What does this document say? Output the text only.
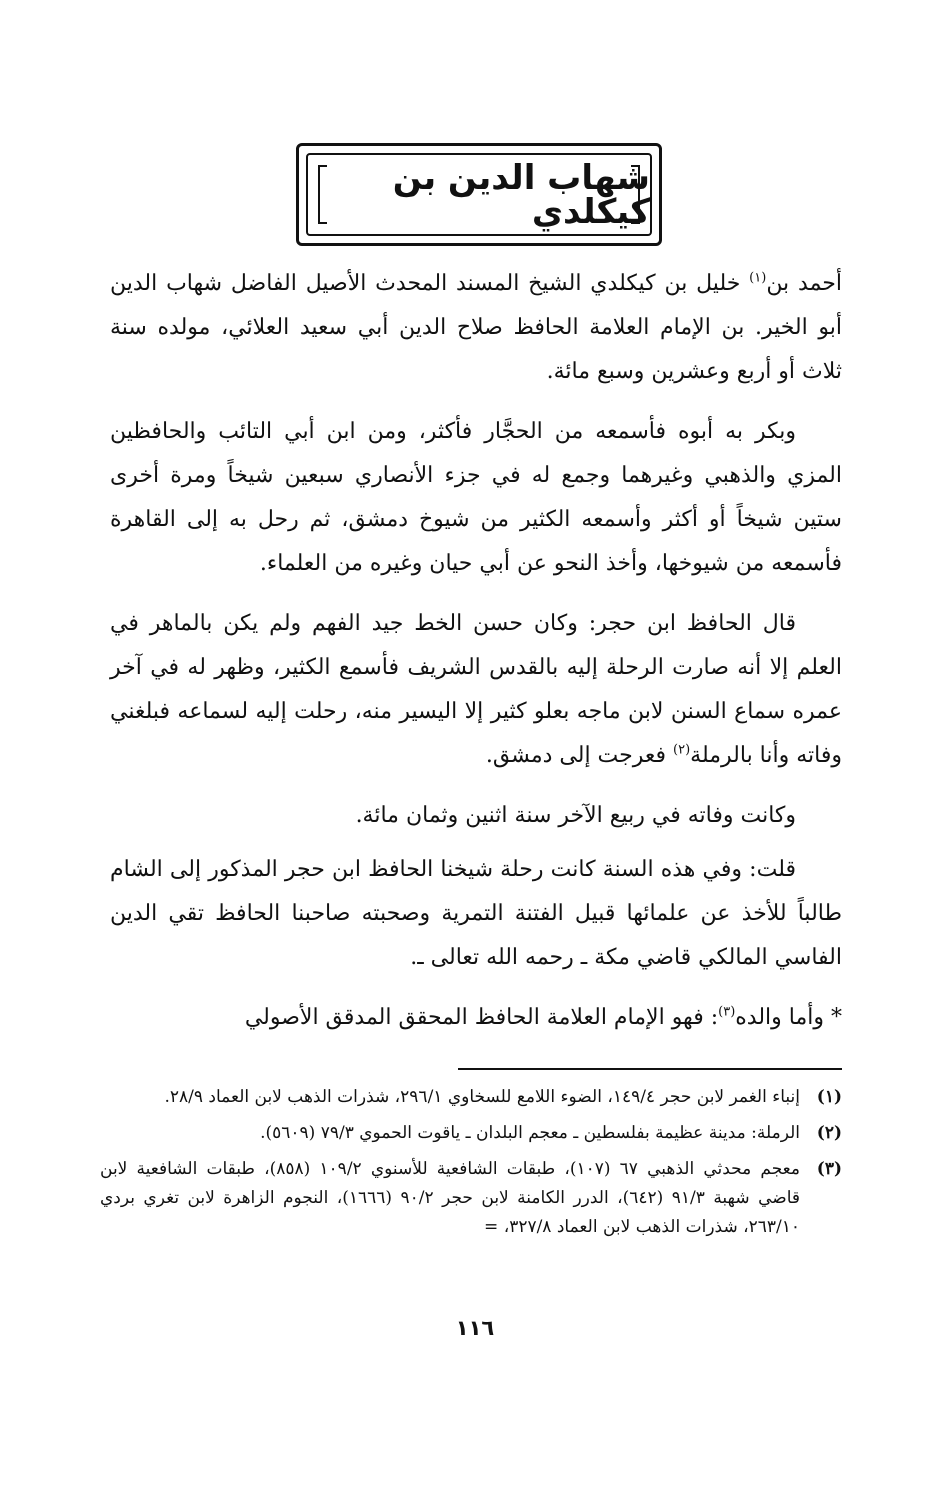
شهاب الدين بن كيكلدي

أحمد بن$^{(١)}$ خليل بن كيكلدي الشيخ المسند المحدث الأصيل الفاضل شهاب الدين أبو الخير. بن الإمام العلامة الحافظ صلاح الدين أبي سعيد العلائي، مولده سنة ثلاث أو أربع وعشرين وسبع مائة.

وبكر به أبوه فأسمعه من الحجَّار فأكثر، ومن ابن أبي التائب والحافظين المزي والذهبي وغيرهما وجمع له في جزء الأنصاري سبعين شيخاً ومرة أخرى ستين شيخاً أو أكثر وأسمعه الكثير من شيوخ دمشق، ثم رحل به إلى القاهرة فأسمعه من شيوخها، وأخذ النحو عن أبي حيان وغيره من العلماء.

قال الحافظ ابن حجر: وكان حسن الخط جيد الفهم ولم يكن بالماهر في العلم إلا أنه صارت الرحلة إليه بالقدس الشريف فأسمع الكثير، وظهر له في آخر عمره سماع السنن لابن ماجه بعلو كثير إلا اليسير منه، رحلت إليه لسماعه فبلغني وفاته وأنا بالرملة$^{(٢)}$ فعرجت إلى دمشق.

وكانت وفاته في ربيع الآخر سنة اثنين وثمان مائة.

قلت: وفي هذه السنة كانت رحلة شيخنا الحافظ ابن حجر المذكور إلى الشام طالباً للأخذ عن علمائها قبيل الفتنة التمرية وصحبته صاحبنا الحافظ تقي الدين الفاسي المالكي قاضي مكة ـ رحمه الله تعالى ـ.

* وأما والده$^{(٣)}$: فهو الإمام العلامة الحافظ المحقق المدقق الأصولي

(١)
إنباء الغمر لابن حجر ١٤٩/٤، الضوء اللامع للسخاوي ٢٩٦/١، شذرات الذهب لابن العماد ٢٨/٩.
(٢)
الرملة: مدينة عظيمة بفلسطين ـ معجم البلدان ـ ياقوت الحموي ٧٩/٣ (٥٦٠٩).
(٣)
معجم محدثي الذهبي ٦٧ (١٠٧)، طبقات الشافعية للأسنوي ١٠٩/٢ (٨٥٨)، طبقات الشافعية لابن قاضي شهبة ٩١/٣ (٦٤٢)، الدرر الكامنة لابن حجر ٩٠/٢ (١٦٦٦)، النجوم الزاهرة لابن تغري بردي ٢٦٣/١٠، شذرات الذهب لابن العماد ٣٢٧/٨، =
١١٦
